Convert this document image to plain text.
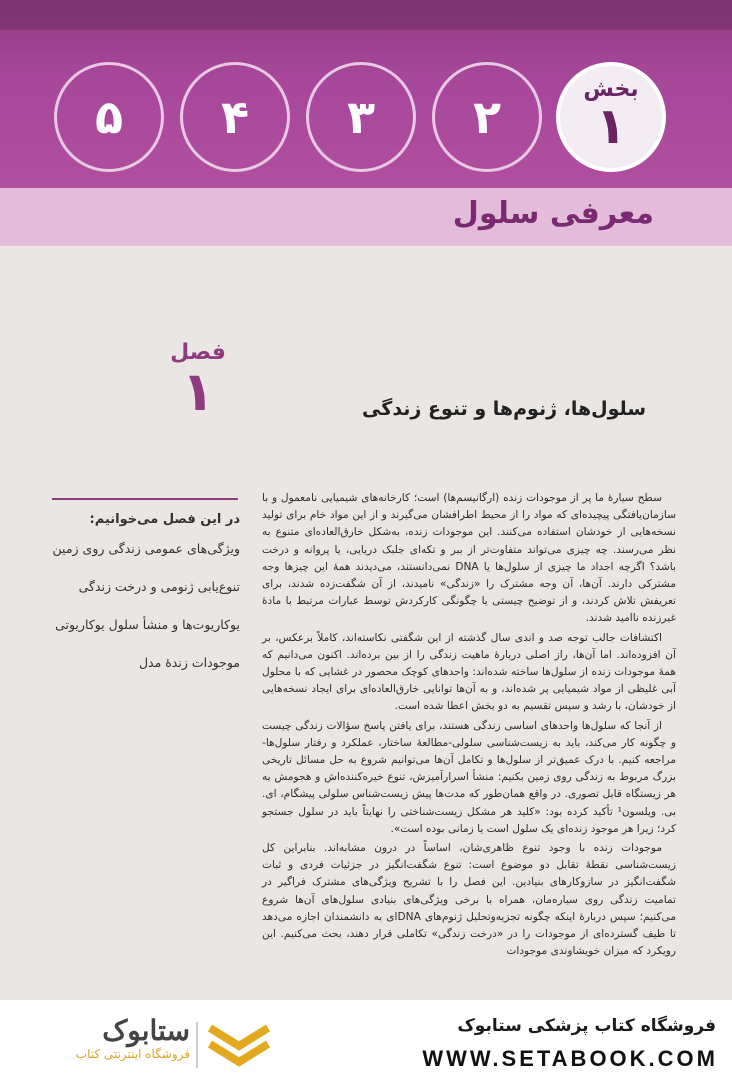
۵ ۴ ۳ ۲
بخش
۱
معرفی سلول
فصل
۱	سلول‌ها، ژنوم‌ها و تنوع زندگی
در این فصل می‌خوانیم:
ویژگی‌های عمومی زندگی روی زمین
تنوع‌یابی ژنومی و درخت زندگی
یوکاریوت‌ها و منشأ سلول یوکاریوتی
موجودات زندهٔ مدل

سطح سیارهٔ ما پر از موجودات زنده (ارگانیسم‌ها) است؛ کارخانه‌های شیمیایی نامعمول و با سازمان‌یافتگی پیچیده‌ای که مواد را از محیط اطرافشان می‌گیرند و از این مواد خام برای تولید نسخه‌هایی از خودشان استفاده می‌کنند. این موجودات زنده، به‌شکل خارق‌العاده‌ای متنوع به نظر می‌رسند. چه چیزی می‌تواند متفاوت‌تر از ببر و تکه‌ای جلبک دریایی، یا پروانه و درخت باشد؟ اگرچه اجداد ما چیزی از سلول‌ها یا DNA نمی‌دانستند، می‌دیدند همهٔ این چیزها وجه مشترکی دارند. آن‌ها، آن وجه مشترک را «زندگی» نامیدند، از آن شگفت‌زده شدند، برای تعریفش تلاش کردند، و از توضیح چیستی یا چگونگی کارکردش توسط عبارات مرتبط با مادهٔ غیرزنده ناامید شدند.

اکتشافات جالب توجه صد و اندی سال گذشته از این شگفتی نکاسته‌اند، کاملاً برعکس، بر آن افزوده‌اند. اما آن‌ها، راز اصلی دربارهٔ ماهیت زندگی را از بین برده‌اند. اکنون می‌دانیم که همهٔ موجودات زنده از سلول‌ها ساخته شده‌اند: واحدهای کوچک محصور در غشایی که با محلول آبی غلیظی از مواد شیمیایی پر شده‌اند، و به آن‌ها توانایی خارق‌العاده‌ای برای ایجاد نسخه‌هایی از خودشان، با رشد و سپس تقسیم به دو بخش اعطا شده است.

از آنجا که سلول‌ها واحدهای اساسی زندگی هستند، برای یافتن پاسخ سؤالات زندگی چیست و چگونه کار می‌کند، باید به زیست‌شناسی سلولی-مطالعهٔ ساختار، عملکرد و رفتار سلول‌ها-مراجعه کنیم. با درک عمیق‌تر از سلول‌ها و تکامل آن‌ها می‌توانیم شروع به حل مسائل تاریخی بزرگ مربوط به زندگی روی زمین بکنیم: منشأ اسرارآمیزش، تنوع خیره‌کننده‌اش و هجومش به هر زیستگاه قابل تصوری. در واقع همان‌طور که مدت‌ها پیش زیست‌شناس سلولی پیشگام، ای. بی. ویلسون¹ تأکید کرده بود: «کلید هر مشکل زیست‌شناختی را نهایتاً باید در سلول جستجو کرد؛ زیرا هر موجود زنده‌ای یک سلول است یا زمانی بوده است».

موجودات زنده با وجود تنوع ظاهری‌شان، اساساً در درون مشابه‌اند. بنابراین کل زیست‌شناسی نقطهٔ تقابل دو موضوع است: تنوع شگفت‌انگیز در جزئیات فردی و ثبات شگفت‌انگیز در سازوکارهای بنیادین. این فصل را با تشریح ویژگی‌های مشترک فراگیر در تمامیت زندگی روی سیاره‌مان، همراه با برخی ویژگی‌های بنیادی سلول‌های آن‌ها شروع می‌کنیم؛ سپس دربارهٔ اینکه چگونه تجزیه‌وتحلیل ژنوم‌های DNA‌ای به دانشمندان اجازه می‌دهد تا طیف گسترده‌ای از موجودات را در «درخت زندگی» تکاملی قرار دهند، بحث می‌کنیم. این رویکرد که میزان خویشاوندی موجودات

فروشگاه کتاب پزشکی ستابوک
WWW.SETABOOK.COM
ستابوک
فروشگاه اینترنتی کتاب
